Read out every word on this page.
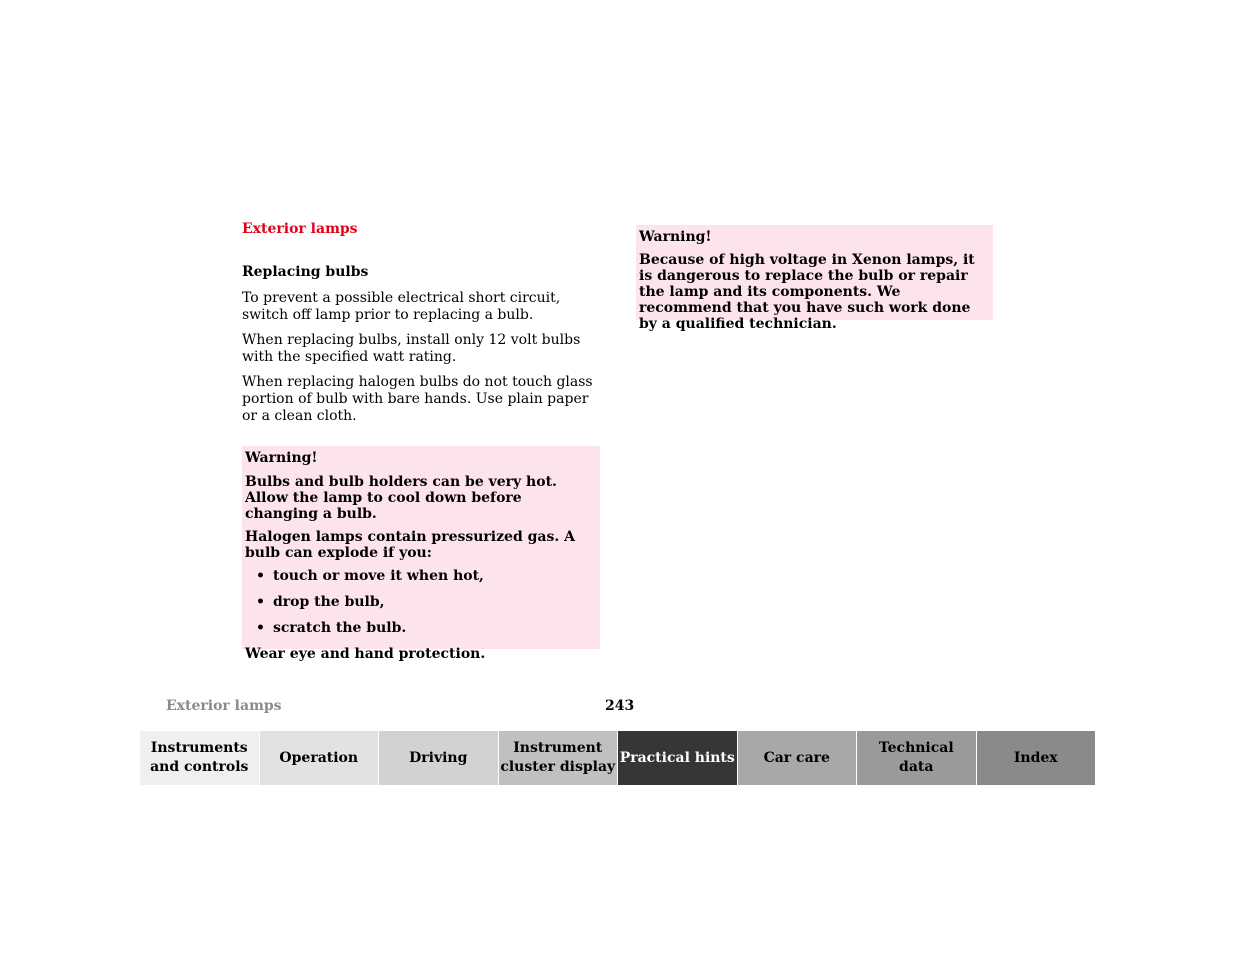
Exterior lamps
Replacing bulbs
To prevent a possible electrical short circuit, switch off lamp prior to replacing a bulb.
When replacing bulbs, install only 12 volt bulbs with the specified watt rating.
When replacing halogen bulbs do not touch glass portion of bulb with bare hands. Use plain paper or a clean cloth.
Warning!
Bulbs and bulb holders can be very hot. Allow the lamp to cool down before changing a bulb.
Halogen lamps contain pressurized gas. A bulb can explode if you:
• touch or move it when hot,
• drop the bulb,
• scratch the bulb.
Wear eye and hand protection.
Warning!
Because of high voltage in Xenon lamps, it is dangerous to replace the bulb or repair the lamp and its components. We recommend that you have such work done by a qualified technician.
Exterior lamps	243
Instruments
and controls
Operation	Driving
Instrument
cluster display
Practical hints Car care
Technical
data
Index
